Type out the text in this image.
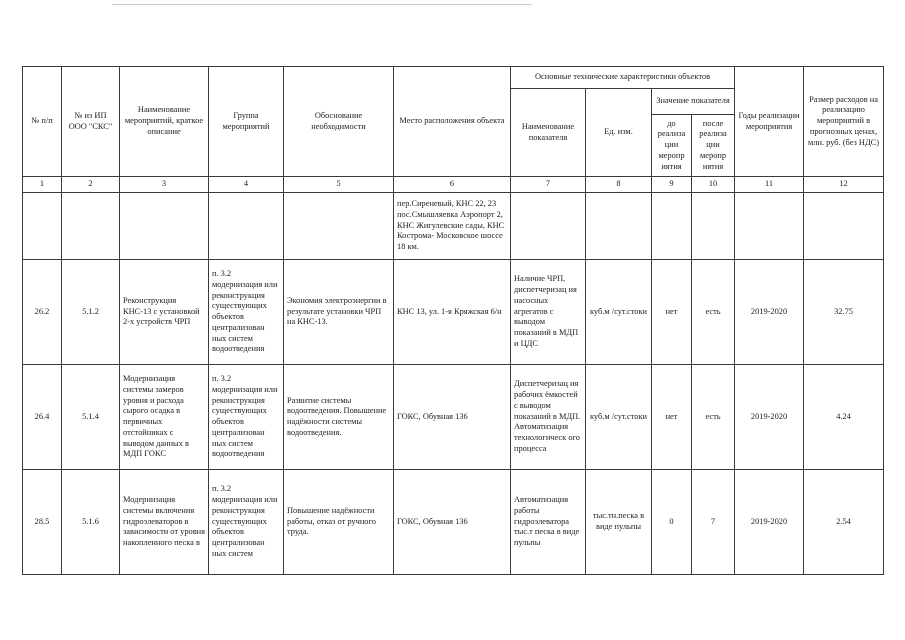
№ п/п	№ из ИП ООО "СКС"	Наименование мероприятий, краткое описание	Группа мероприятий	Обоснование необходимости	Место расположения объекта	Основные технические характеристики объектов				Годы реализации мероприятия	Размер расходов на реализацию мероприятий в прогнозных ценах, млн. руб. (без НДС)
						Наименование показателя	Ед. изм.	Значение показателя			
								до реализа ции меропр иятия	после реализа ции меропр иятия		
1	2	3	4	5	6	7	8	9	10	11	12
					пер.Сиреневый, КНС 22, 23 пос.Смышляевка Аэропорт 2, КНС Жигулевские сады, КНС Кострома- Московское шоссе 18 км.						
26.2	5.1.2	Реконструкция КНС-13 с установкой 2-х устройств ЧРП	п. 3.2 модернизация или реконструкция существующих объектов централизован ных систем водоотведения	Экономия электроэнергии в результате установки ЧРП на КНС-13.	КНС 13, ул. 1-я Кряжская 6/н	Наличие ЧРП, диспетчеризац ия насосных агрегатов с выводом показаний в МДП и ЦДС	куб.м /сут.стоки	нет	есть	2019-2020	32.75
26.4	5.1.4	Модернизация системы замеров уровня и расхода сырого осадка в первичных отстойниках с выводом данных в МДП ГОКС	п. 3.2 модернизация или реконструкция существующих объектов централизован ных систем водоотведения	Развитие системы водоотведения. Повышение надёжности системы водоотведения.	ГОКС, Обувная 136	Диспетчеризац ия рабочих ёмкостей с выводом показаний в МДП. Автоматизация технологическ ого процесса	куб.м /сут.стоки	нет	есть	2019-2020	4.24
28.5	5.1.6	Модернизация системы включения гидроэлеваторов в зависимости от уровня накопленного песка в	п. 3.2 модернизация или реконструкция существующих объектов централизован ных систем	Повышение надёжности работы, отказ от ручного труда.	ГОКС, Обувная 136	Автоматизация работы гидроэлеватора тыс.т песка в виде пульпы	тыс.тн.песка в виде пульпы	0	7	2019-2020	2.54
